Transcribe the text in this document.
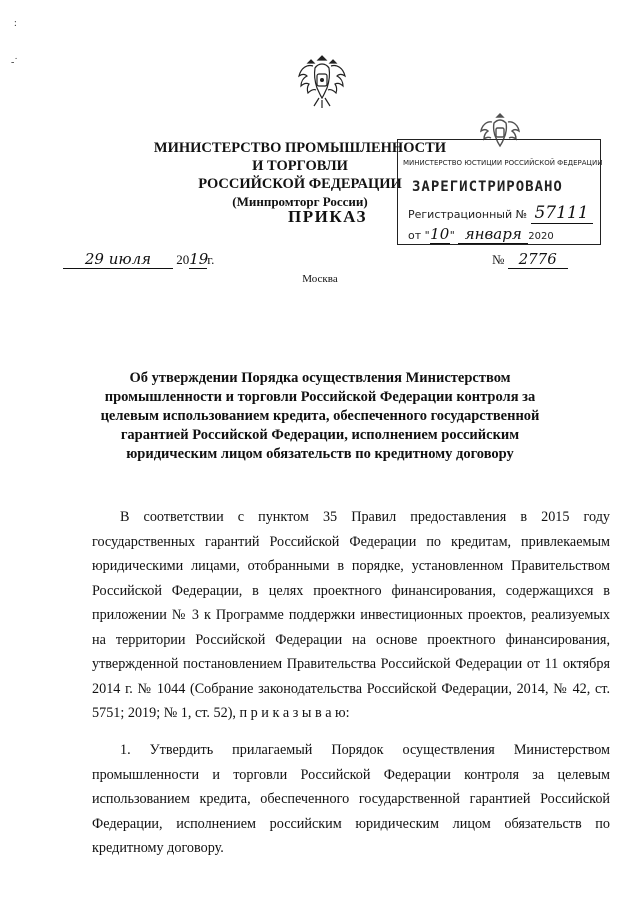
:
‐˙
МИНИСТЕРСТВО ПРОМЫШЛЕННОСТИ И ТОРГОВЛИ
РОССИЙСКОЙ ФЕДЕРАЦИИ
(Минпромторг России)
МИНИСТЕРСТВО ЮСТИЦИИ РОССИЙСКОЙ ФЕДЕРАЦИИ
ЗАРЕГИСТРИРОВАНО
Регистрационный № 57111
от "10" января 2020
ПРИКАЗ
29 июля 2019г.	№ 2776
Москва
Об утверждении Порядка осуществления Министерством промышленности и торговли Российской Федерации контроля за целевым использованием кредита, обеспеченного государственной гарантией Российской Федерации, исполнением российским юридическим лицом обязательств по кредитному договору
В соответствии с пунктом 35 Правил предоставления в 2015 году государственных гарантий Российской Федерации по кредитам, привлекаемым юридическими лицами, отобранными в порядке, установленном Правительством Российской Федерации, в целях проектного финансирования, содержащихся в приложении № 3 к Программе поддержки инвестиционных проектов, реализуемых на территории Российской Федерации на основе проектного финансирования, утвержденной постановлением Правительства Российской Федерации от 11 октября 2014 г. № 1044 (Собрание законодательства Российской Федерации, 2014, № 42, ст. 5751; 2019; № 1, ст. 52), п р и к а з ы в а ю:
1. Утвердить прилагаемый Порядок осуществления Министерством промышленности и торговли Российской Федерации контроля за целевым использованием кредита, обеспеченного государственной гарантией Российской Федерации, исполнением российским юридическим лицом обязательств по кредитному договору.
